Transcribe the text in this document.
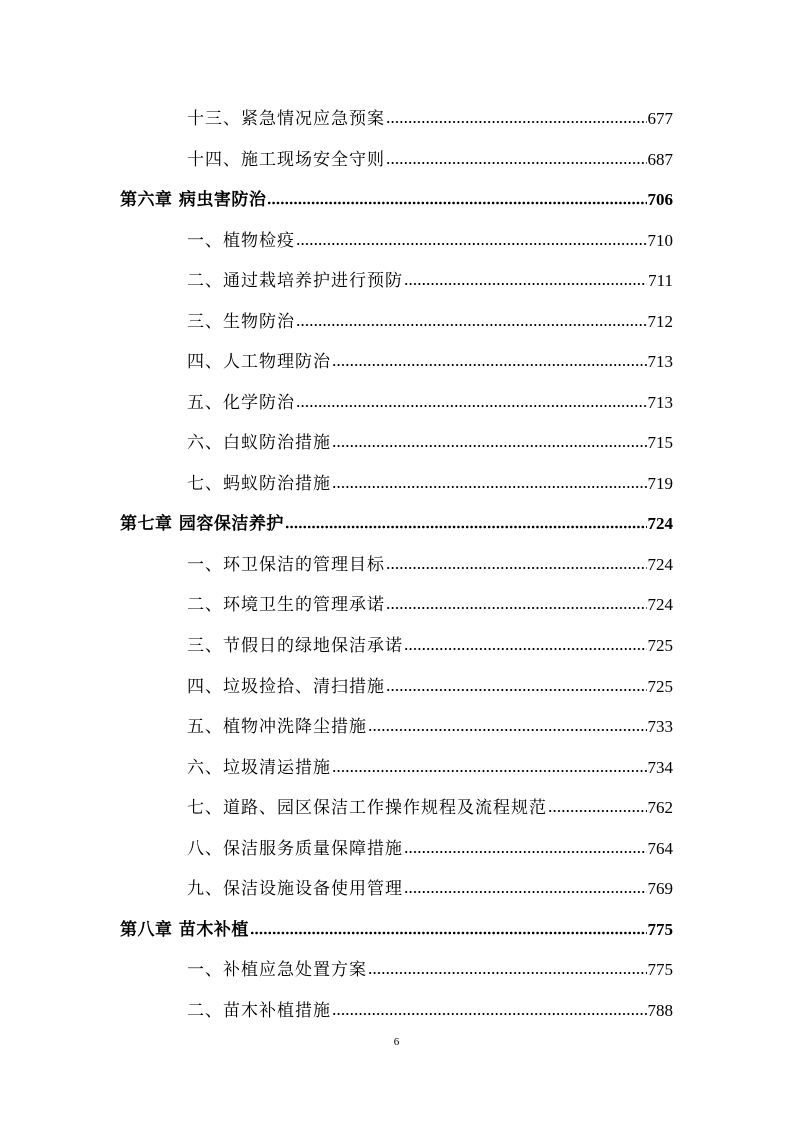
十三、紧急情况应急预案	677
十四、施工现场安全守则	687
第六章 病虫害防治	706
一、植物检疫	710
二、通过栽培养护进行预防	711
三、生物防治	712
四、人工物理防治	713
五、化学防治	713
六、白蚁防治措施	715
七、蚂蚁防治措施	719
第七章 园容保洁养护	724
一、环卫保洁的管理目标	724
二、环境卫生的管理承诺	724
三、节假日的绿地保洁承诺	725
四、垃圾捡拾、清扫措施	725
五、植物冲洗降尘措施	733
六、垃圾清运措施	734
七、道路、园区保洁工作操作规程及流程规范	762
八、保洁服务质量保障措施	764
九、保洁设施设备使用管理	769
第八章 苗木补植	775
一、补植应急处置方案	775
二、苗木补植措施	788
6
